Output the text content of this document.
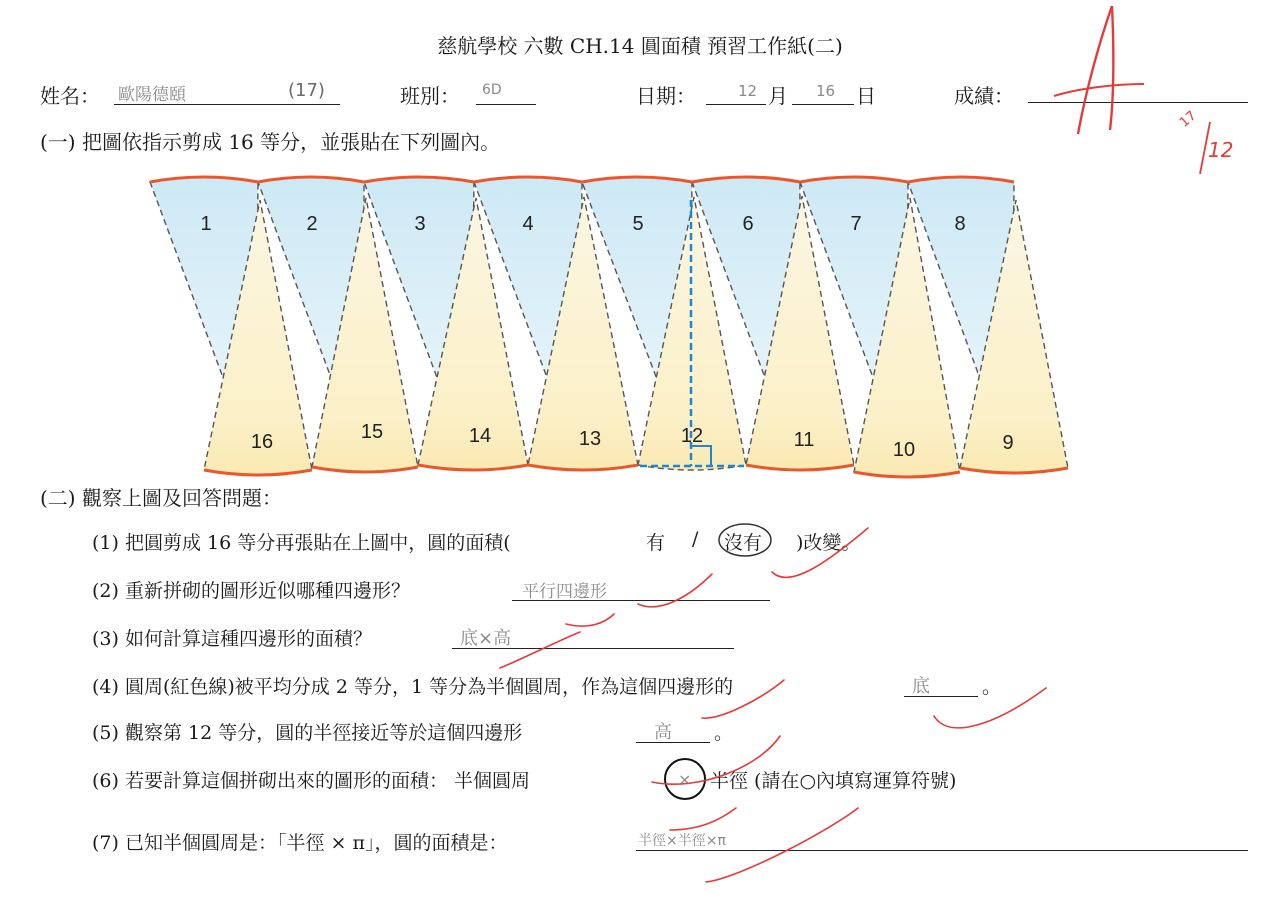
慈航學校 六數 CH.14 圓面積 預習工作紙(二)
姓名： 歐陽德頤	(17)	班別： 6D	日期：	12 月 16 日	成績：
17
12
(一) 把圖依指示剪成 16 等分，並張貼在下列圖內。
1	2	3	4	5	6	7	8
16	15	14	13	12	11	10	9
(二) 觀察上圖及回答問題：
(1) 把圓剪成 16 等分再張貼在上圖中，圓的面積(	有 / 沒有 )改變。
(2) 重新拼砌的圖形近似哪種四邊形？	平行四邊形
(3) 如何計算這種四邊形的面積？	底×高
(4) 圓周(紅色線)被平均分成 2 等分，1 等分為半個圓周，作為這個四邊形的	底	。
(5) 觀察第 12 等分，圓的半徑接近等於這個四邊形	高 。
(6) 若要計算這個拼砌出來的圖形的面積： 半個圓周	× 半徑 (請在○內填寫運算符號)
(7) 已知半個圓周是：「半徑 × π」，圓的面積是：	半徑×半徑×π
